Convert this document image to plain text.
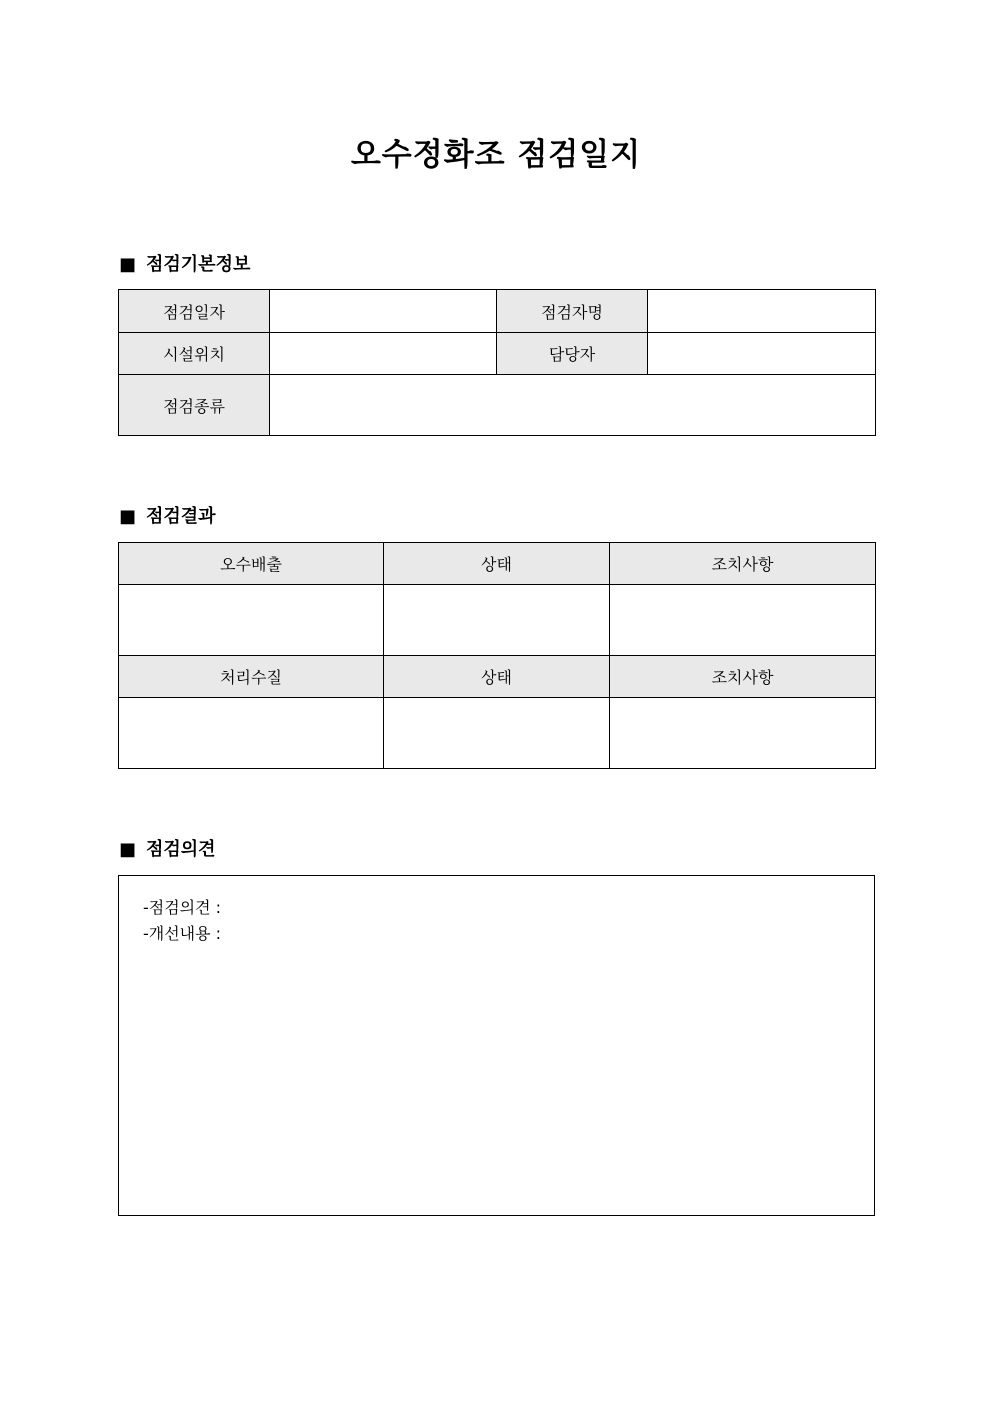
오수정화조 점검일지
■ 점검기본정보
점검일자		점검자명	
시설위치		담당자	
점검종류			
■ 점검결과
오수배출	상태	조치사항

처리수질	상태	조치사항

■ 점검의견
-점검의견 :
-개선내용 :
